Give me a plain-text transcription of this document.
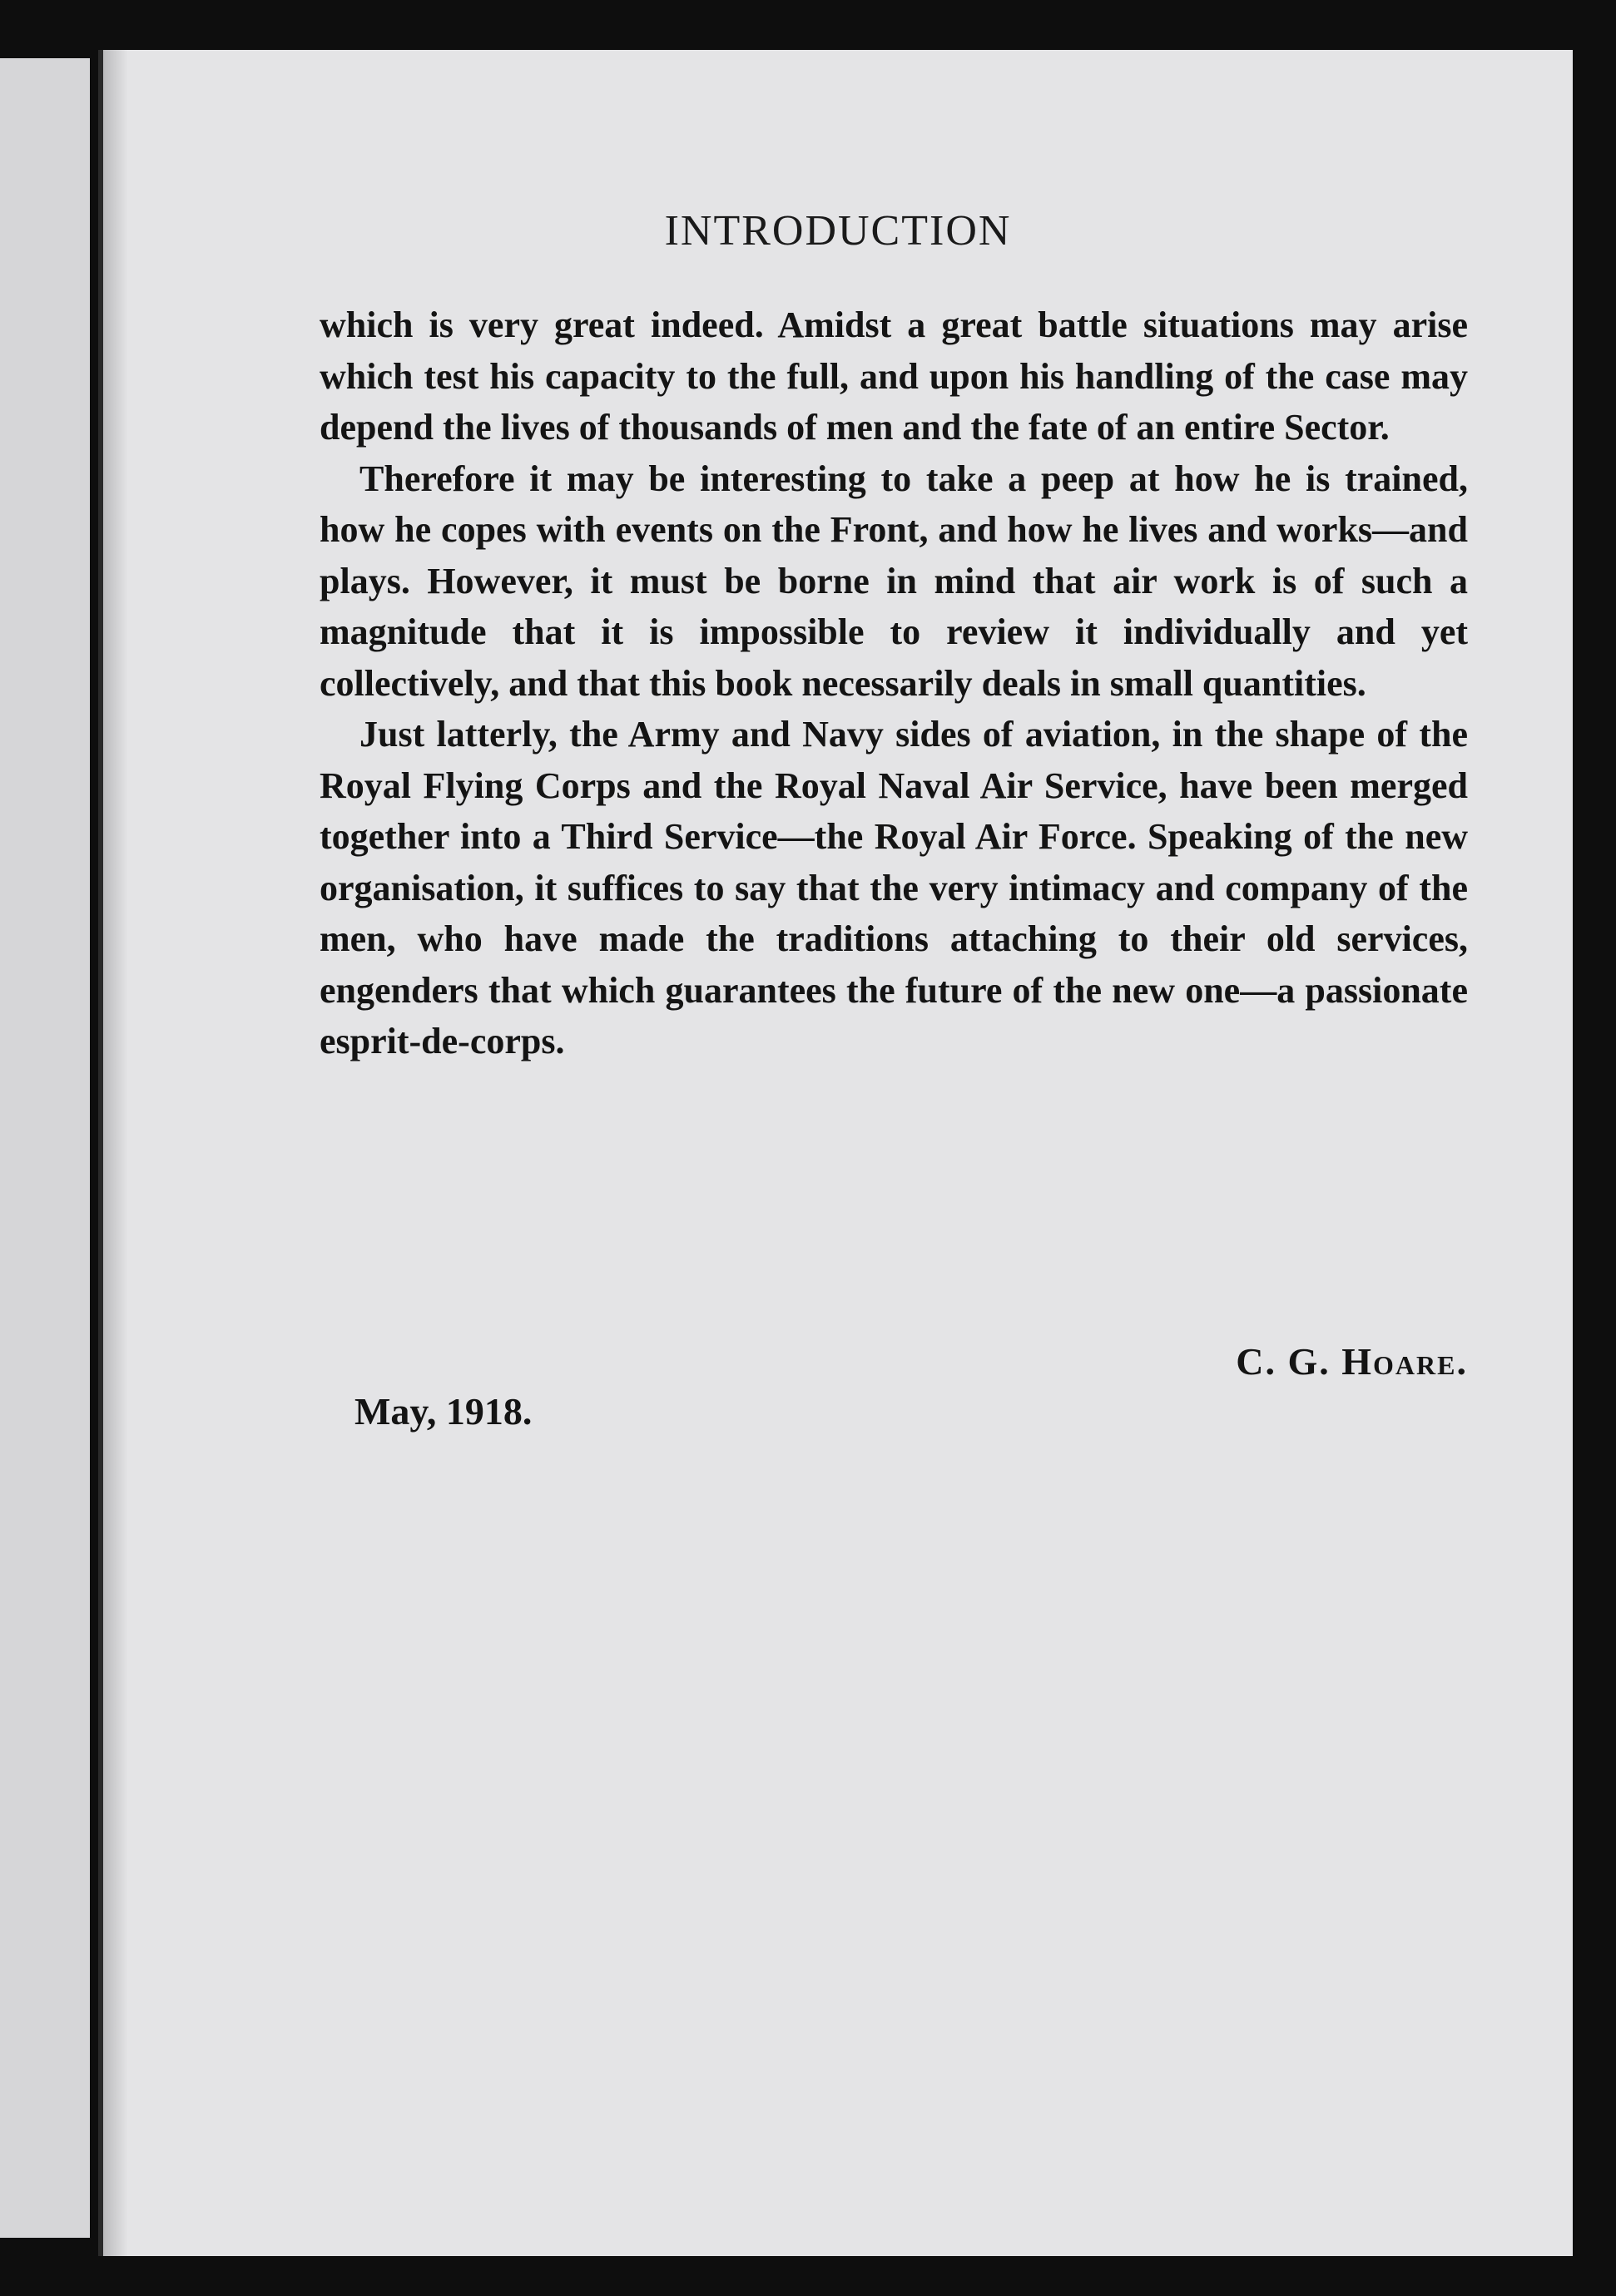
INTRODUCTION

which is very great indeed. Amidst a great battle situations may arise which test his capacity to the full, and upon his handling of the case may depend the lives of thousands of men and the fate of an entire Sector.

Therefore it may be interesting to take a peep at how he is trained, how he copes with events on the Front, and how he lives and works—and plays. However, it must be borne in mind that air work is of such a magnitude that it is impossible to review it individually and yet collectively, and that this book necessarily deals in small quantities.

Just latterly, the Army and Navy sides of aviation, in the shape of the Royal Flying Corps and the Royal Naval Air Service, have been merged together into a Third Service—the Royal Air Force. Speaking of the new organisation, it suffices to say that the very intimacy and company of the men, who have made the traditions attaching to their old services, engenders that which guarantees the future of the new one—a passionate esprit-de-corps.

C. G. Hoare.
May, 1918.
